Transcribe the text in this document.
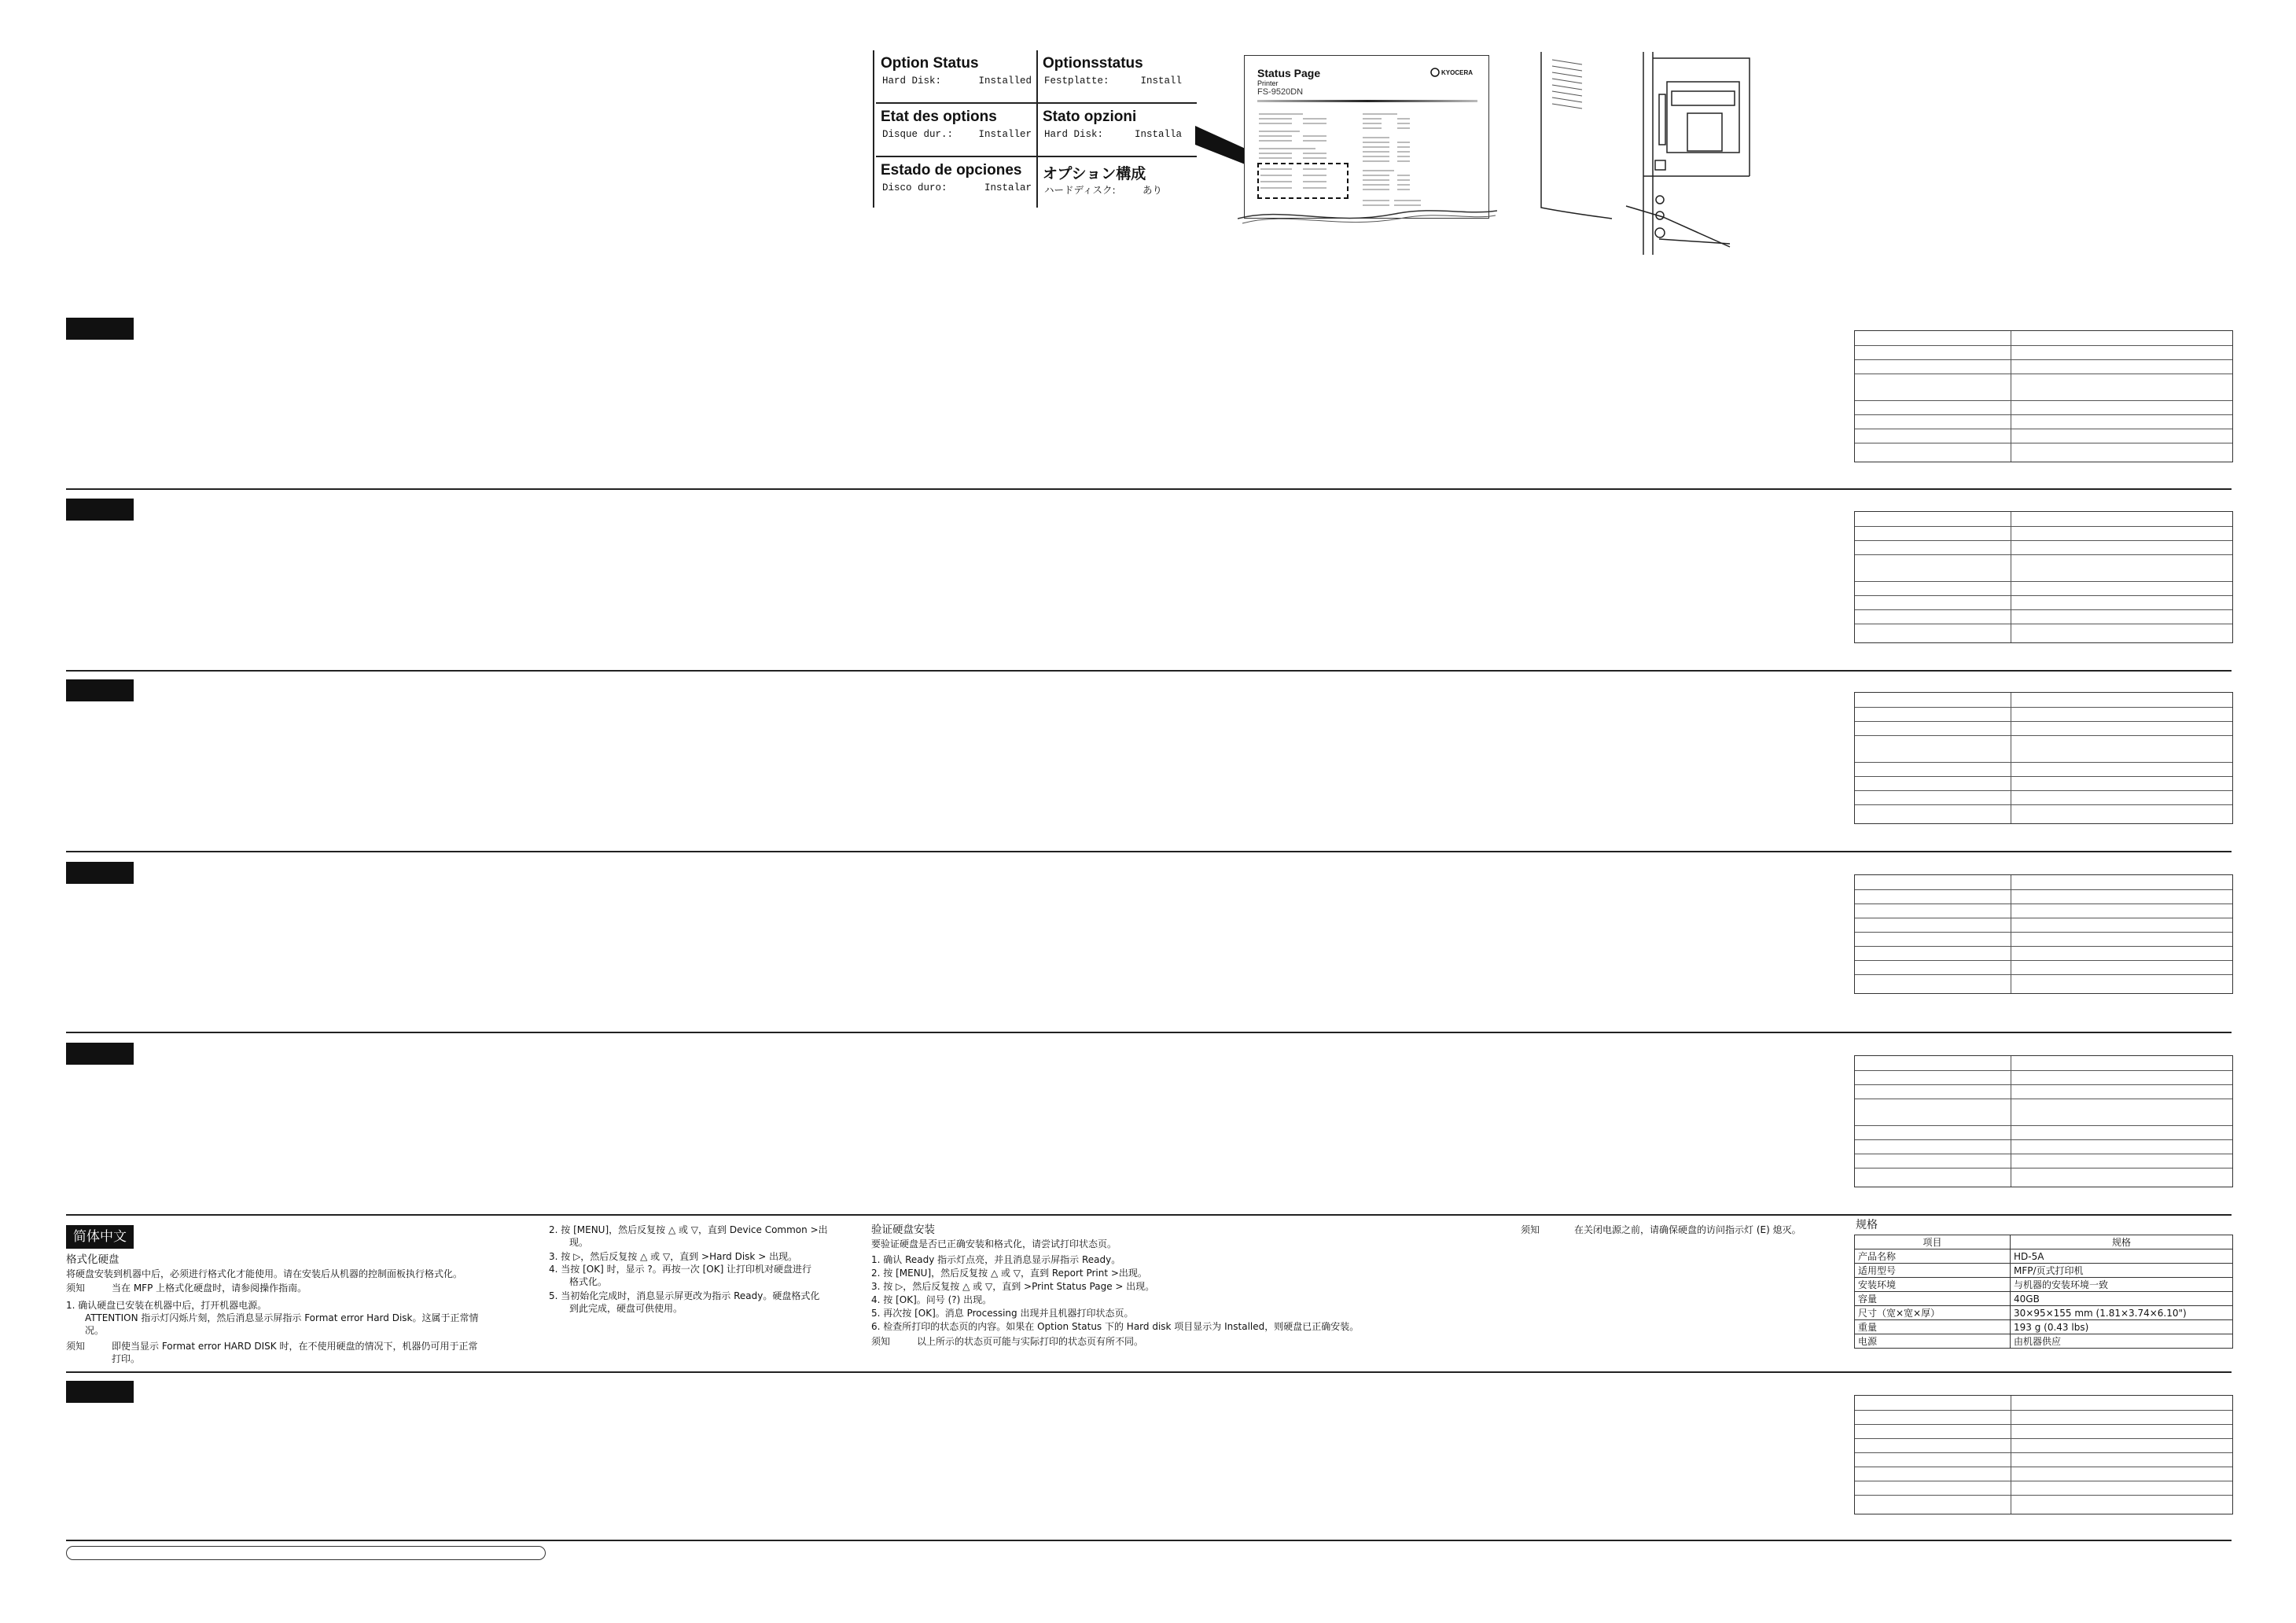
Option Status
Hard Disk:	Installed
Optionsstatus
Festplatte:	Install
Etat des options
Disque dur.:	Installer
Stato opzioni
Hard Disk:	Installa
Estado de opciones
Disco duro:	Instalar
オプション構成
ハードディスク:	あり
Status Page
Printer
FS-9520DN
KYOCERA
简体中文
格式化硬盘
将硬盘安装到机器中后，必须进行格式化才能使用。请在安装后从机器的控制面板执行格式化。
须知	当在 MFP 上格式化硬盘时，请参阅操作指南。
1. 确认硬盘已安装在机器中后，打开机器电源。
ATTENTION 指示灯闪烁片刻，然后消息显示屏指示 Format error Hard Disk。这属于正常情
况。
须知	即使当显示 Format error HARD DISK 时，在不使用硬盘的情况下，机器仍可用于正常
打印。
2. 按 [MENU]，然后反复按 △ 或 ▽，直到 Device Common >出
现。
3. 按 ▷，然后反复按 △ 或 ▽，直到 >Hard Disk > 出现。
4. 当按 [OK] 时，显示 ?。再按一次 [OK] 让打印机对硬盘进行
格式化。
5. 当初始化完成时，消息显示屏更改为指示 Ready。硬盘格式化
到此完成，硬盘可供使用。
验证硬盘安装
要验证硬盘是否已正确安装和格式化，请尝试打印状态页。
1. 确认 Ready 指示灯点亮，并且消息显示屏指示 Ready。
2. 按 [MENU]，然后反复按 △ 或 ▽，直到 Report Print >出现。
3. 按 ▷，然后反复按 △ 或 ▽，直到 >Print Status Page > 出现。
4. 按 [OK]。问号 (?) 出现。
5. 再次按 [OK]。消息 Processing 出现并且机器打印状态页。
6. 检查所打印的状态页的内容。如果在 Option Status 下的 Hard disk 项目显示为 Installed，则硬盘已正确安装。
须知	以上所示的状态页可能与实际打印的状态页有所不同。
须知	在关闭电源之前，请确保硬盘的访问指示灯 (E) 熄灭。	规格
项目	规格
产品名称	HD-5A
适用型号	MFP/页式打印机
安装环境	与机器的安装环境一致
容量	40GB
尺寸（宽×宽×厚）	30×95×155 mm (1.81×3.74×6.10")
重量	193 g (0.43 lbs)
电源	由机器供应
